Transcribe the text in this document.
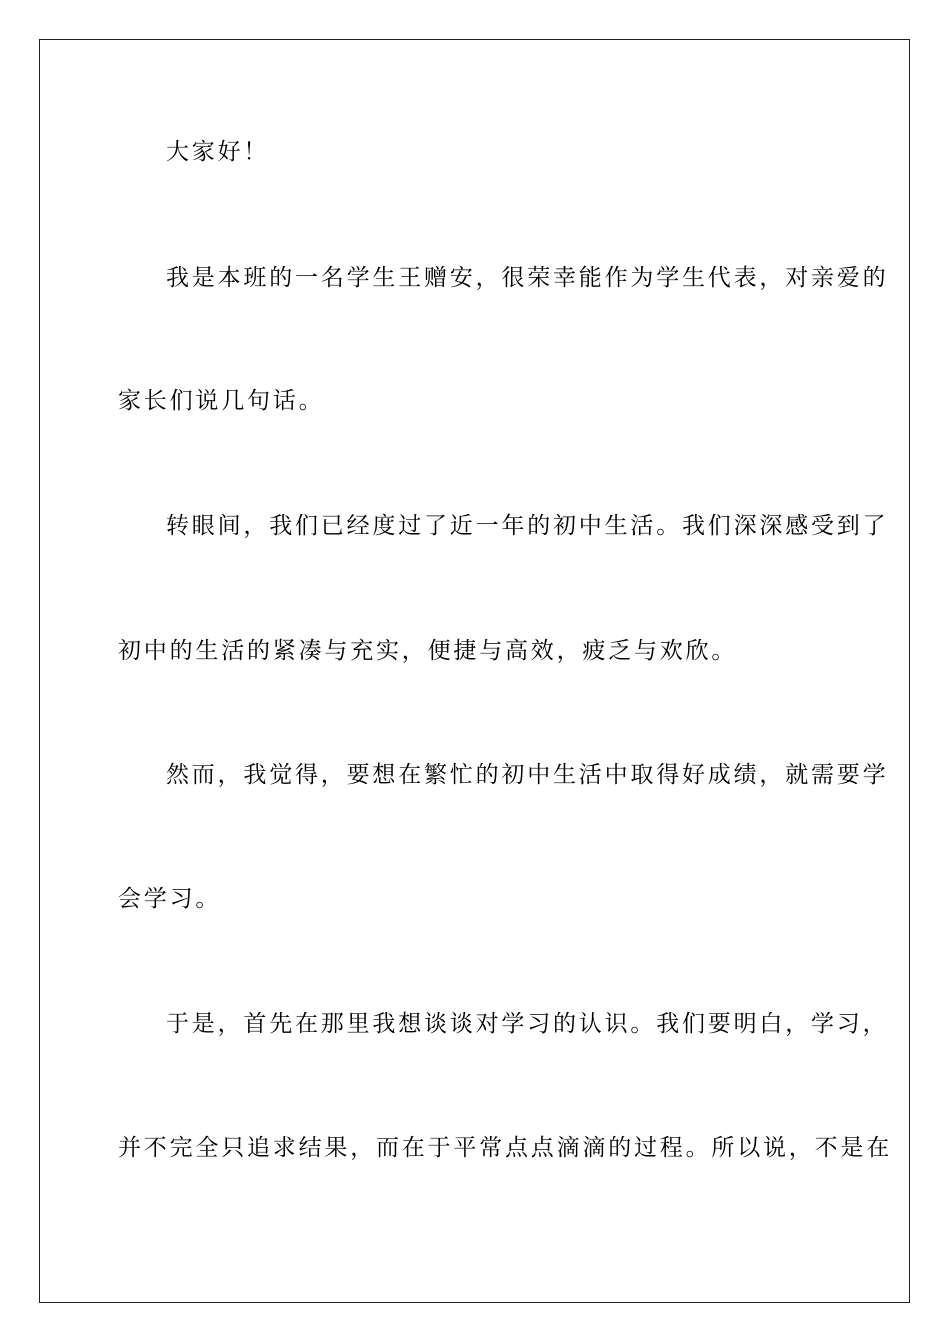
大家好！
我是本班的一名学生王赠安，很荣幸能作为学生代表，对亲爱的
家长们说几句话。
转眼间，我们已经度过了近一年的初中生活。我们深深感受到了
初中的生活的紧凑与充实，便捷与高效，疲乏与欢欣。
然而，我觉得，要想在繁忙的初中生活中取得好成绩，就需要学
会学习。
于是，首先在那里我想谈谈对学习的认识。我们要明白，学习，
并不完全只追求结果，而在于平常点点滴滴的过程。所以说，不是在
